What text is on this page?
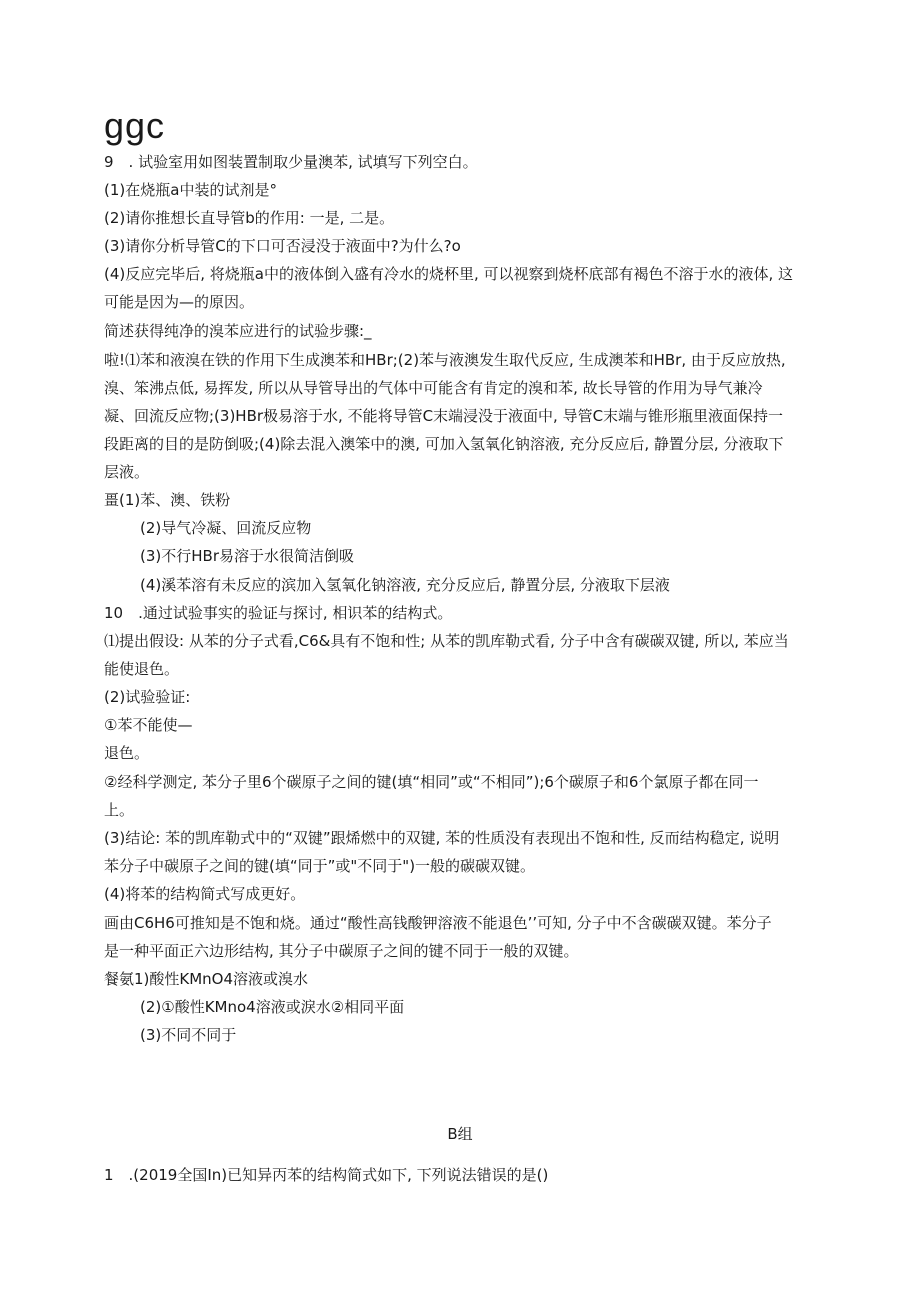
ggc
9　. 试验室用如图装置制取少量澳苯, 试填写下列空白。
(1)在烧瓶a中装的试剂是°
(2)请你推想长直导管b的作用: 一是, 二是。
(3)请你分析导管C的下口可否浸没于液面中?为什么?o
(4)反应完毕后, 将烧瓶a中的液体倒入盛有冷水的烧杯里, 可以视察到烧杯底部有褐色不溶于水的液体, 这
可能是因为—的原因。
简述获得纯净的溴苯应进行的试验步骤:_
啦!⑴苯和液溴在铁的作用下生成澳苯和HBr;(2)苯与液澳发生取代反应, 生成澳苯和HBr, 由于反应放热,
溴、笨沸点低, 易挥发, 所以从导管导出的气体中可能含有肯定的溴和苯, 故长导管的作用为导气兼冷
凝、回流反应物;(3)HBr极易溶于水, 不能将导管C末端浸没于液面中, 导管C末端与锥形瓶里液面保持一
段距离的目的是防倒吸;(4)除去混入澳笨中的澳, 可加入氢氧化钠溶液, 充分反应后, 静置分层, 分液取下
层液。
畺(1)苯、澳、铁粉
(2)导气冷凝、回流反应物
(3)不行HBr易溶于水很简洁倒吸
(4)溪苯溶有未反应的滨加入氢氧化钠溶液, 充分反应后, 静置分层, 分液取下层液
10　.通过试验事实的验证与探讨, 相识苯的结构式。
⑴提出假设: 从苯的分子式看,C6&具有不饱和性; 从苯的凯库勒式看, 分子中含有碳碳双键, 所以, 苯应当
能使退色。
(2)试验验证:
①苯不能使—
退色。
②经科学测定, 苯分子里6个碳原子之间的键(填“相同”或“不相同”);6个碳原子和6个氯原子都在同一
上。
(3)结论: 苯的凯库勒式中的“双键”跟烯燃中的双键, 苯的性质没有表现出不饱和性, 反而结构稳定, 说明
苯分子中碳原子之间的键(填“同于”或"不同于")一般的碳碳双键。
(4)将苯的结构简式写成更好。
画由C6H6可推知是不饱和烧。通过“酸性高钱酸钾溶液不能退色’’可知, 分子中不含碳碳双键。苯分子
是一种平面正六边形结构, 其分子中碳原子之间的键不同于一般的双键。
餐氨1)酸性KMnO4溶液或溴水
(2)①酸性KMno4溶液或淚水②相同平面
(3)不同不同于
B组
1　.(2019全国In)已知异丙苯的结构简式如下, 下列说法错误的是()
